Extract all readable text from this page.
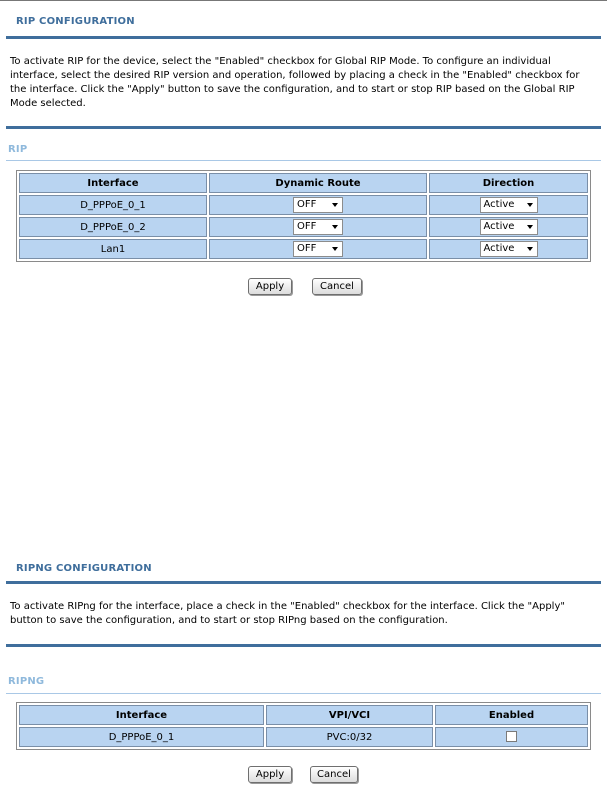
RIP CONFIGURATION
To activate RIP for the device, select the "Enabled" checkbox for Global RIP Mode. To configure an individual interface, select the desired RIP version and operation, followed by placing a check in the "Enabled" checkbox for the interface. Click the "Apply" button to save the configuration, and to start or stop RIP based on the Global RIP Mode selected.
RIP
Interface	Dynamic Route	Direction
D_PPPoE_0_1	OFF	Active

D_PPPoE_0_2	OFF	Active

Lan1	OFF	Active
Apply	Cancel
RIPNG CONFIGURATION
To activate RIPng for the interface, place a check in the "Enabled" checkbox for the interface. Click the "Apply" button to save the configuration, and to start or stop RIPng based on the configuration.
RIPNG
Interface	VPI/VCI	Enabled
D_PPPoE_0_1	PVC:0/32	
Apply	Cancel
